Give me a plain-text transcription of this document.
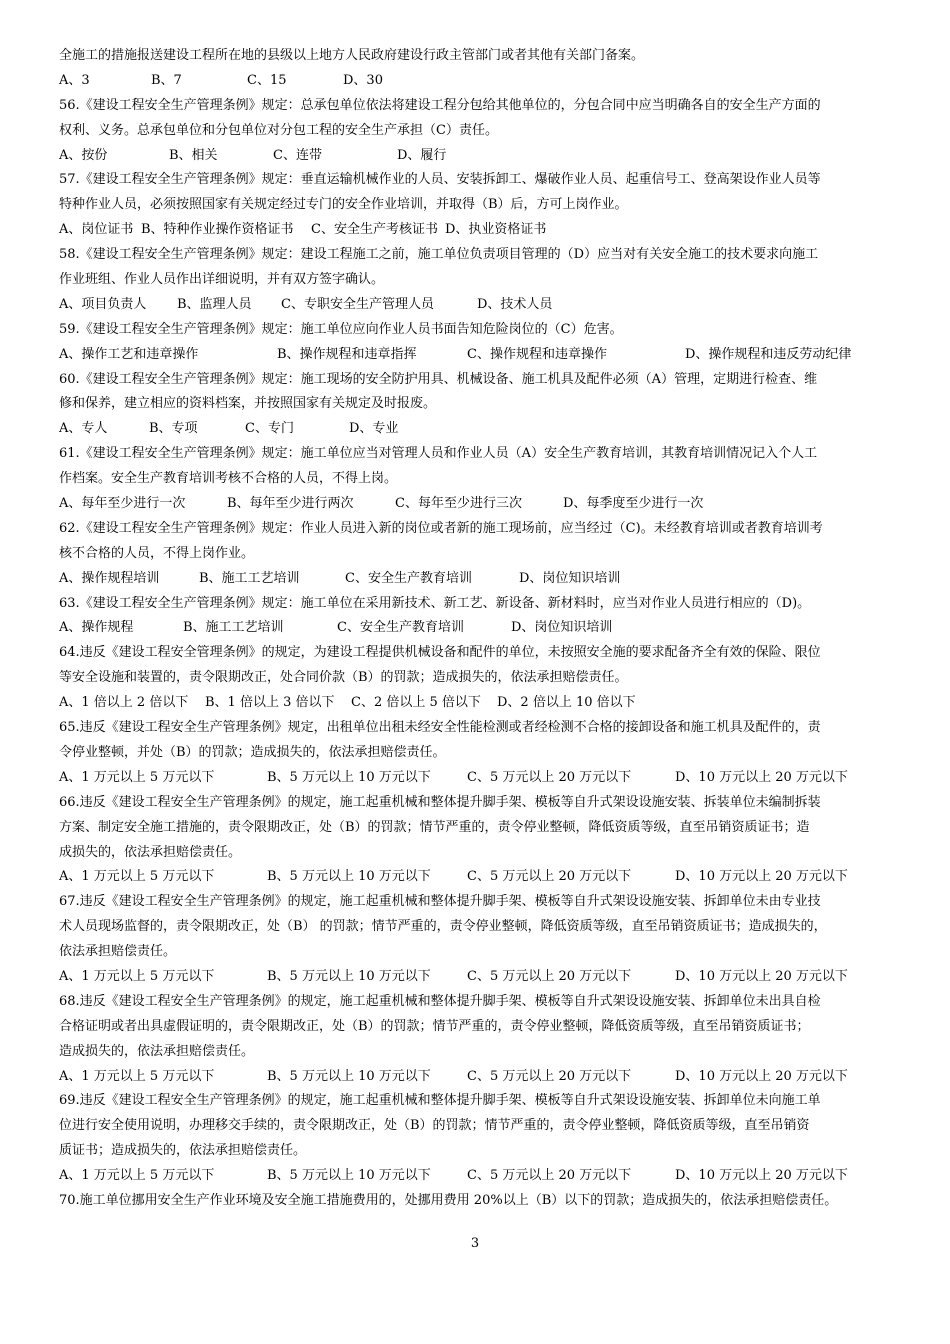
全施工的措施报送建设工程所在地的县级以上地方人民政府建设行政主管部门或者其他有关部门备案。
A、3	B、7	C、15	D、30
56.《建设工程安全生产管理条例》规定：总承包单位依法将建设工程分包给其他单位的，分包合同中应当明确各自的安全生产方面的
权利、义务。总承包单位和分包单位对分包工程的安全生产承担（C）责任。
A、按份	B、相关	C、连带	D、履行
57.《建设工程安全生产管理条例》规定：垂直运输机械作业的人员、安装拆卸工、爆破作业人员、起重信号工、登高架设作业人员等
特种作业人员，必须按照国家有关规定经过专门的安全作业培训，并取得（B）后，方可上岗作业。
A、岗位证书 B、特种作业操作资格证书	C、安全生产考核证书 D、执业资格证书
58.《建设工程安全生产管理条例》规定：建设工程施工之前，施工单位负责项目管理的（D）应当对有关安全施工的技术要求向施工
作业班组、作业人员作出详细说明，并有双方签字确认。
A、项目负责人	B、监理人员	C、专职安全生产管理人员	D、技术人员
59.《建设工程安全生产管理条例》规定：施工单位应向作业人员书面告知危险岗位的（C）危害。
A、操作工艺和违章操作	B、操作规程和违章指挥	C、操作规程和违章操作	D、操作规程和违反劳动纪律
60.《建设工程安全生产管理条例》规定：施工现场的安全防护用具、机械设备、施工机具及配件必须（A）管理，定期进行检查、维
修和保养，建立相应的资料档案，并按照国家有关规定及时报废。
A、专人	B、专项	C、专门	D、专业
61.《建设工程安全生产管理条例》规定：施工单位应当对管理人员和作业人员（A）安全生产教育培训，其教育培训情况记入个人工
作档案。安全生产教育培训考核不合格的人员，不得上岗。
A、每年至少进行一次	B、每年至少进行两次	C、每年至少进行三次	D、每季度至少进行一次
62.《建设工程安全生产管理条例》规定：作业人员进入新的岗位或者新的施工现场前，应当经过（C)。未经教育培训或者教育培训考
核不合格的人员，不得上岗作业。
A、操作规程培训	B、施工工艺培训	C、安全生产教育培训	D、岗位知识培训
63.《建设工程安全生产管理条例》规定：施工单位在采用新技术、新工艺、新设备、新材料时，应当对作业人员进行相应的（D)。
A、操作规程	B、施工工艺培训	C、安全生产教育培训	D、岗位知识培训
64.违反《建设工程安全管理条例》的规定，为建设工程提供机械设备和配件的单位，未按照安全施的要求配备齐全有效的保险、限位
等安全设施和装置的，责令限期改正，处合同价款（B）的罚款；造成损失的，依法承担赔偿责任。
A、1 倍以上 2 倍以下	B、1 倍以上 3 倍以下	C、2 倍以上 5 倍以下	D、2 倍以上 10 倍以下
65.违反《建设工程安全生产管理条例》规定，出租单位出租未经安全性能检测或者经检测不合格的接卸设备和施工机具及配件的，责
令停业整顿，并处（B）的罚款；造成损失的，依法承担赔偿责任。
A、1 万元以上 5 万元以下	B、5 万元以上 10 万元以下	C、5 万元以上 20 万元以下	D、10 万元以上 20 万元以下
66.违反《建设工程安全生产管理条例》的规定，施工起重机械和整体提升脚手架、模板等自升式架设设施安装、拆装单位未编制拆装
方案、制定安全施工措施的，责令限期改正，处（B）的罚款；情节严重的，责令停业整顿，降低资质等级，直至吊销资质证书；造
成损失的，依法承担赔偿责任。
A、1 万元以上 5 万元以下	B、5 万元以上 10 万元以下	C、5 万元以上 20 万元以下	D、10 万元以上 20 万元以下
67.违反《建设工程安全生产管理条例》的规定，施工起重机械和整体提升脚手架、模板等自升式架设设施安装、拆卸单位未由专业技
术人员现场监督的，责令限期改正，处（B） 的罚款；情节严重的，责令停业整顿，降低资质等级，直至吊销资质证书；造成损失的，
依法承担赔偿责任。
A、1 万元以上 5 万元以下	B、5 万元以上 10 万元以下	C、5 万元以上 20 万元以下	D、10 万元以上 20 万元以下
68.违反《建设工程安全生产管理条例》的规定，施工起重机械和整体提升脚手架、模板等自升式架设设施安装、拆卸单位未出具自检
合格证明或者出具虚假证明的，责令限期改正，处（B）的罚款；情节严重的，责令停业整顿，降低资质等级，直至吊销资质证书；
造成损失的，依法承担赔偿责任。
A、1 万元以上 5 万元以下	B、5 万元以上 10 万元以下	C、5 万元以上 20 万元以下	D、10 万元以上 20 万元以下
69.违反《建设工程安全生产管理条例》的规定，施工起重机械和整体提升脚手架、模板等自升式架设设施安装、拆卸单位未向施工单
位进行安全使用说明，办理移交手续的，责令限期改正，处（B）的罚款；情节严重的，责令停业整顿，降低资质等级，直至吊销资
质证书；造成损失的，依法承担赔偿责任。
A、1 万元以上 5 万元以下	B、5 万元以上 10 万元以下	C、5 万元以上 20 万元以下	D、10 万元以上 20 万元以下
70.施工单位挪用安全生产作业环境及安全施工措施费用的，处挪用费用 20%以上（B）以下的罚款；造成损失的，依法承担赔偿责任。
3
